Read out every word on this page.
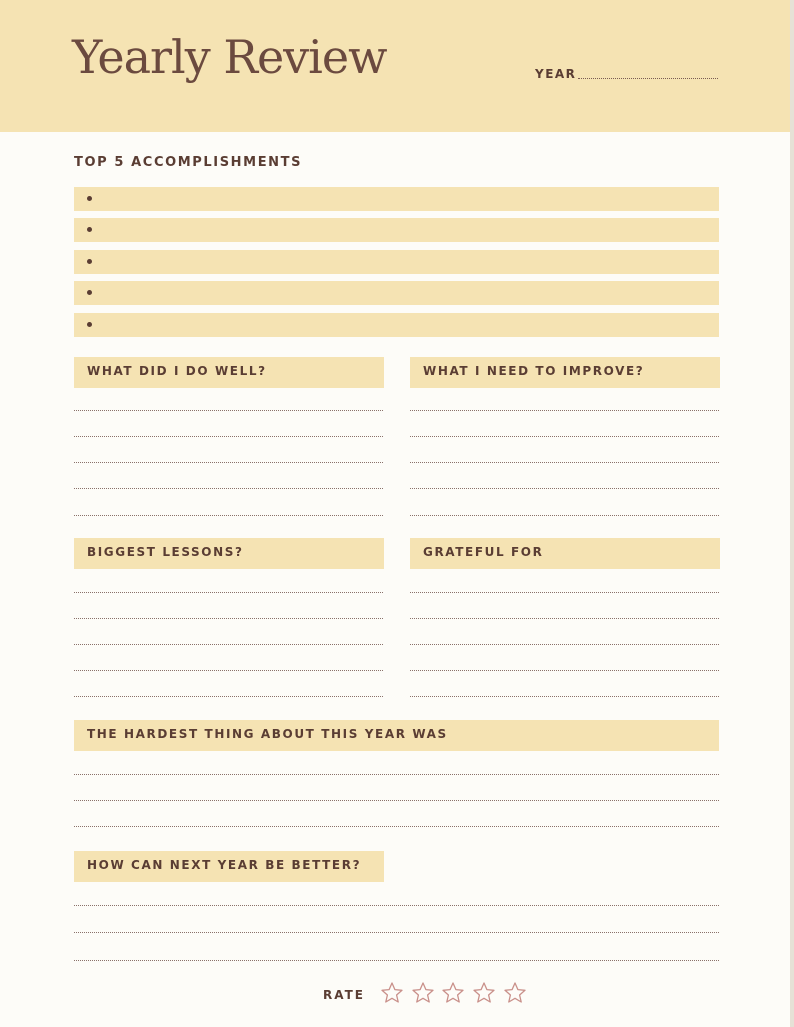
Yearly Review	YEAR
TOP 5 ACCOMPLISHMENTS
WHAT DID I DO WELL?	WHAT I NEED TO IMPROVE?
BIGGEST LESSONS?	GRATEFUL FOR
THE HARDEST THING ABOUT THIS YEAR WAS
HOW CAN NEXT YEAR BE BETTER?
RATE
